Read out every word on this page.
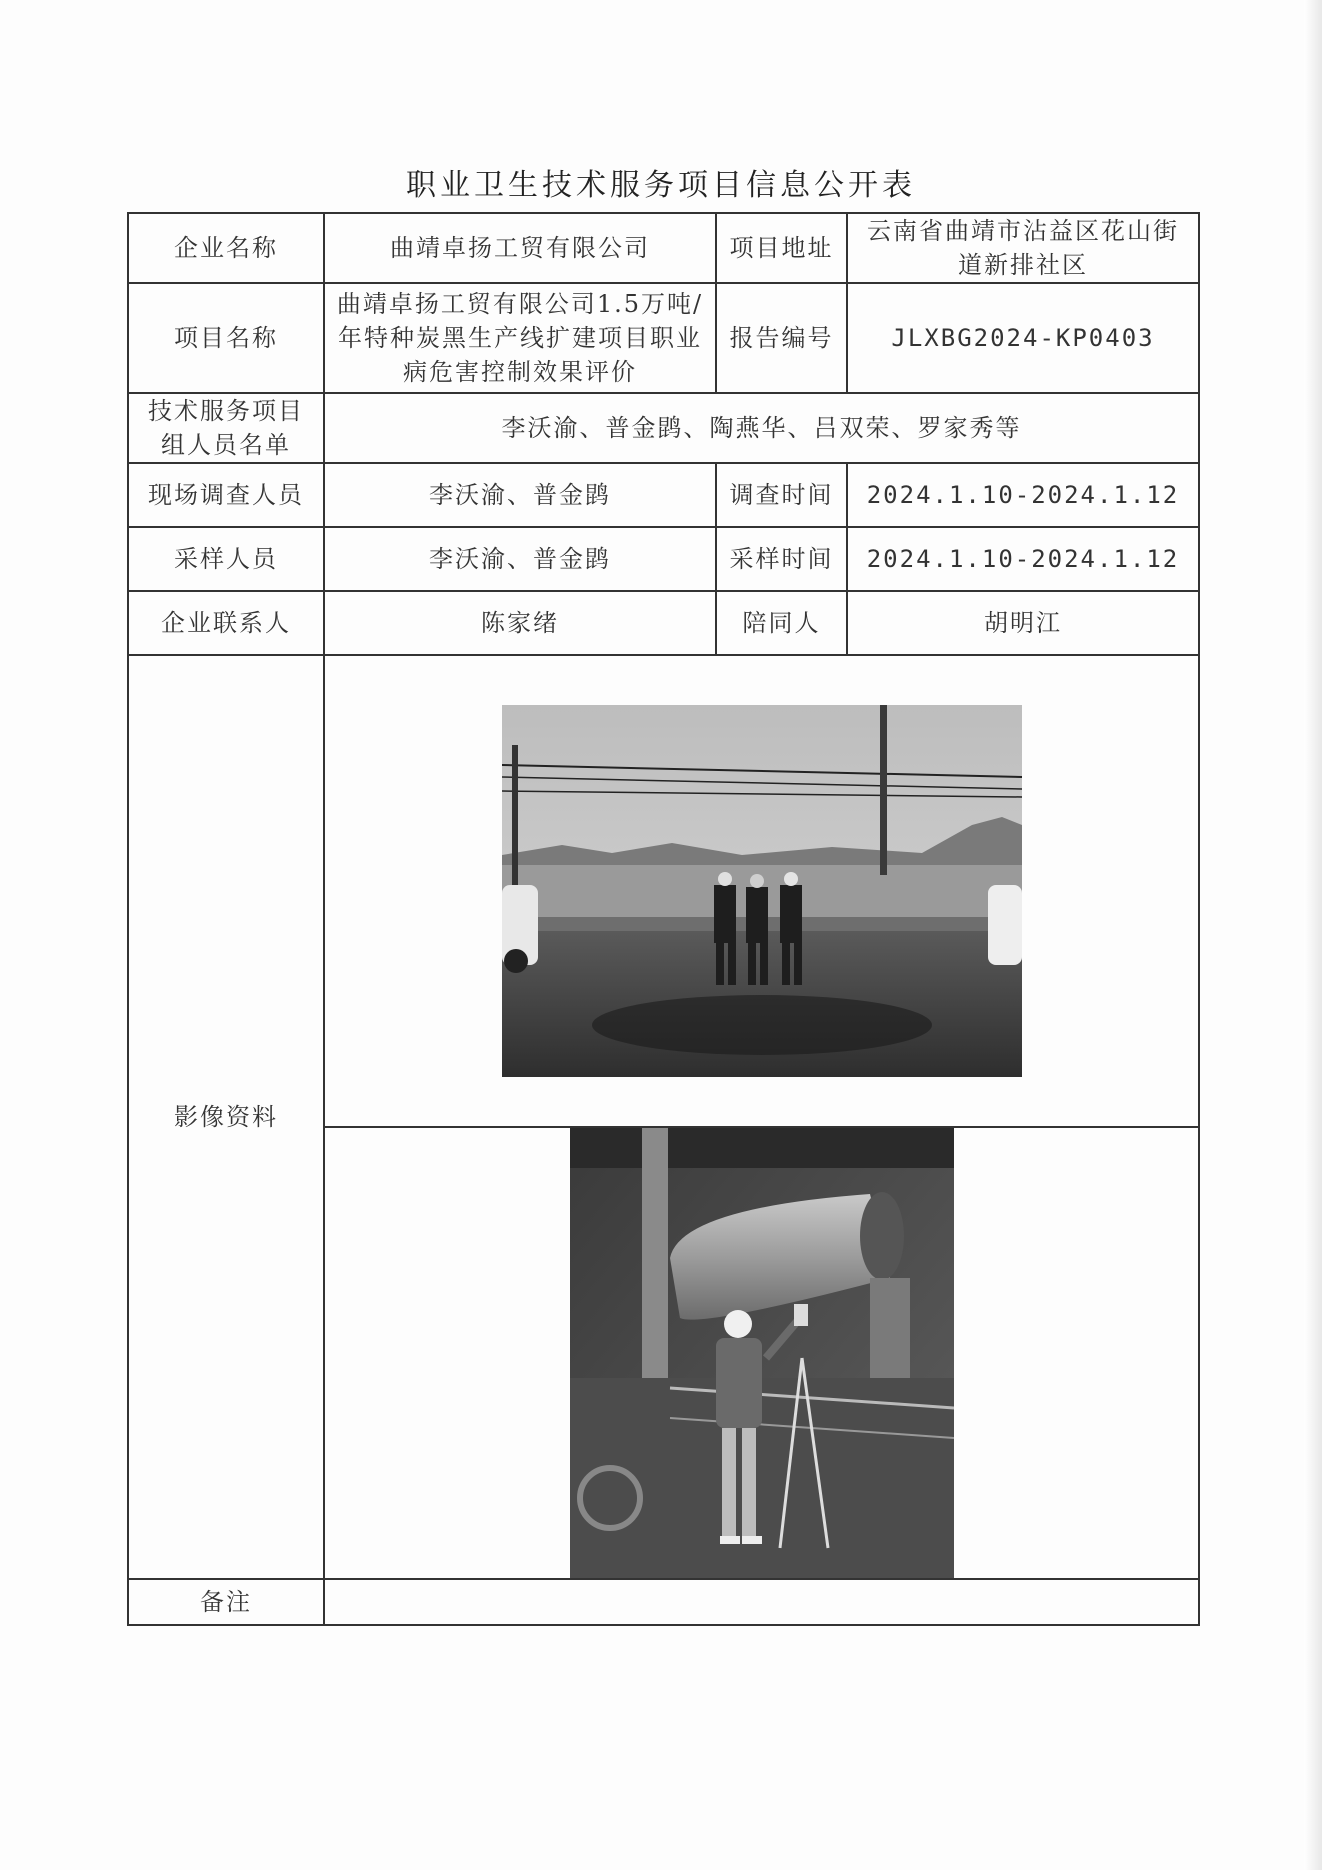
职业卫生技术服务项目信息公开表
企业名称	曲靖卓扬工贸有限公司	项目地址	云南省曲靖市沾益区花山街道新排社区
项目名称	曲靖卓扬工贸有限公司1.5万吨/年特种炭黑生产线扩建项目职业病危害控制效果评价	报告编号	JLXBG2024-KP0403
技术服务项目组人员名单	李沃渝、普金鹍、陶燕华、吕双荣、罗家秀等		
现场调查人员	李沃渝、普金鹍	调查时间	2024.1.10-2024.1.12
采样人员	李沃渝、普金鹍	采样时间	2024.1.10-2024.1.12
企业联系人	陈家绪	陪同人	胡明江
影像资料	

备注			
